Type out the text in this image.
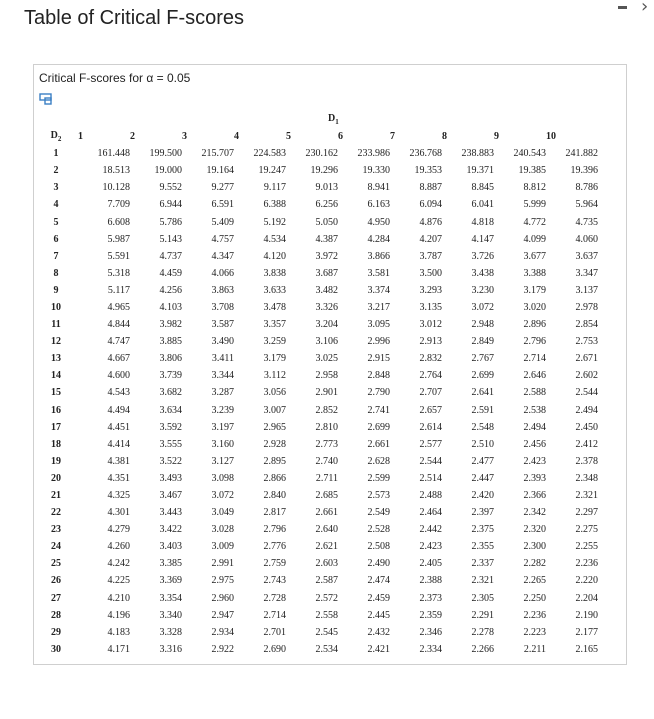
Table of Critical F-scores
›
Critical F-scores for α = 0.05
$D_1$
$D_2$	1	2	3	4	5	6	7	8	9	10
1	161.448	199.500	215.707	224.583	230.162	233.986	236.768	238.883	240.543	241.882
2	18.513	19.000	19.164	19.247	19.296	19.330	19.353	19.371	19.385	19.396
3	10.128	9.552	9.277	9.117	9.013	8.941	8.887	8.845	8.812	8.786
4	7.709	6.944	6.591	6.388	6.256	6.163	6.094	6.041	5.999	5.964
5	6.608	5.786	5.409	5.192	5.050	4.950	4.876	4.818	4.772	4.735
6	5.987	5.143	4.757	4.534	4.387	4.284	4.207	4.147	4.099	4.060
7	5.591	4.737	4.347	4.120	3.972	3.866	3.787	3.726	3.677	3.637
8	5.318	4.459	4.066	3.838	3.687	3.581	3.500	3.438	3.388	3.347
9	5.117	4.256	3.863	3.633	3.482	3.374	3.293	3.230	3.179	3.137
10	4.965	4.103	3.708	3.478	3.326	3.217	3.135	3.072	3.020	2.978
11	4.844	3.982	3.587	3.357	3.204	3.095	3.012	2.948	2.896	2.854
12	4.747	3.885	3.490	3.259	3.106	2.996	2.913	2.849	2.796	2.753
13	4.667	3.806	3.411	3.179	3.025	2.915	2.832	2.767	2.714	2.671
14	4.600	3.739	3.344	3.112	2.958	2.848	2.764	2.699	2.646	2.602
15	4.543	3.682	3.287	3.056	2.901	2.790	2.707	2.641	2.588	2.544
16	4.494	3.634	3.239	3.007	2.852	2.741	2.657	2.591	2.538	2.494
17	4.451	3.592	3.197	2.965	2.810	2.699	2.614	2.548	2.494	2.450
18	4.414	3.555	3.160	2.928	2.773	2.661	2.577	2.510	2.456	2.412
19	4.381	3.522	3.127	2.895	2.740	2.628	2.544	2.477	2.423	2.378
20	4.351	3.493	3.098	2.866	2.711	2.599	2.514	2.447	2.393	2.348
21	4.325	3.467	3.072	2.840	2.685	2.573	2.488	2.420	2.366	2.321
22	4.301	3.443	3.049	2.817	2.661	2.549	2.464	2.397	2.342	2.297
23	4.279	3.422	3.028	2.796	2.640	2.528	2.442	2.375	2.320	2.275
24	4.260	3.403	3.009	2.776	2.621	2.508	2.423	2.355	2.300	2.255
25	4.242	3.385	2.991	2.759	2.603	2.490	2.405	2.337	2.282	2.236
26	4.225	3.369	2.975	2.743	2.587	2.474	2.388	2.321	2.265	2.220
27	4.210	3.354	2.960	2.728	2.572	2.459	2.373	2.305	2.250	2.204
28	4.196	3.340	2.947	2.714	2.558	2.445	2.359	2.291	2.236	2.190
29	4.183	3.328	2.934	2.701	2.545	2.432	2.346	2.278	2.223	2.177
30	4.171	3.316	2.922	2.690	2.534	2.421	2.334	2.266	2.211	2.165
